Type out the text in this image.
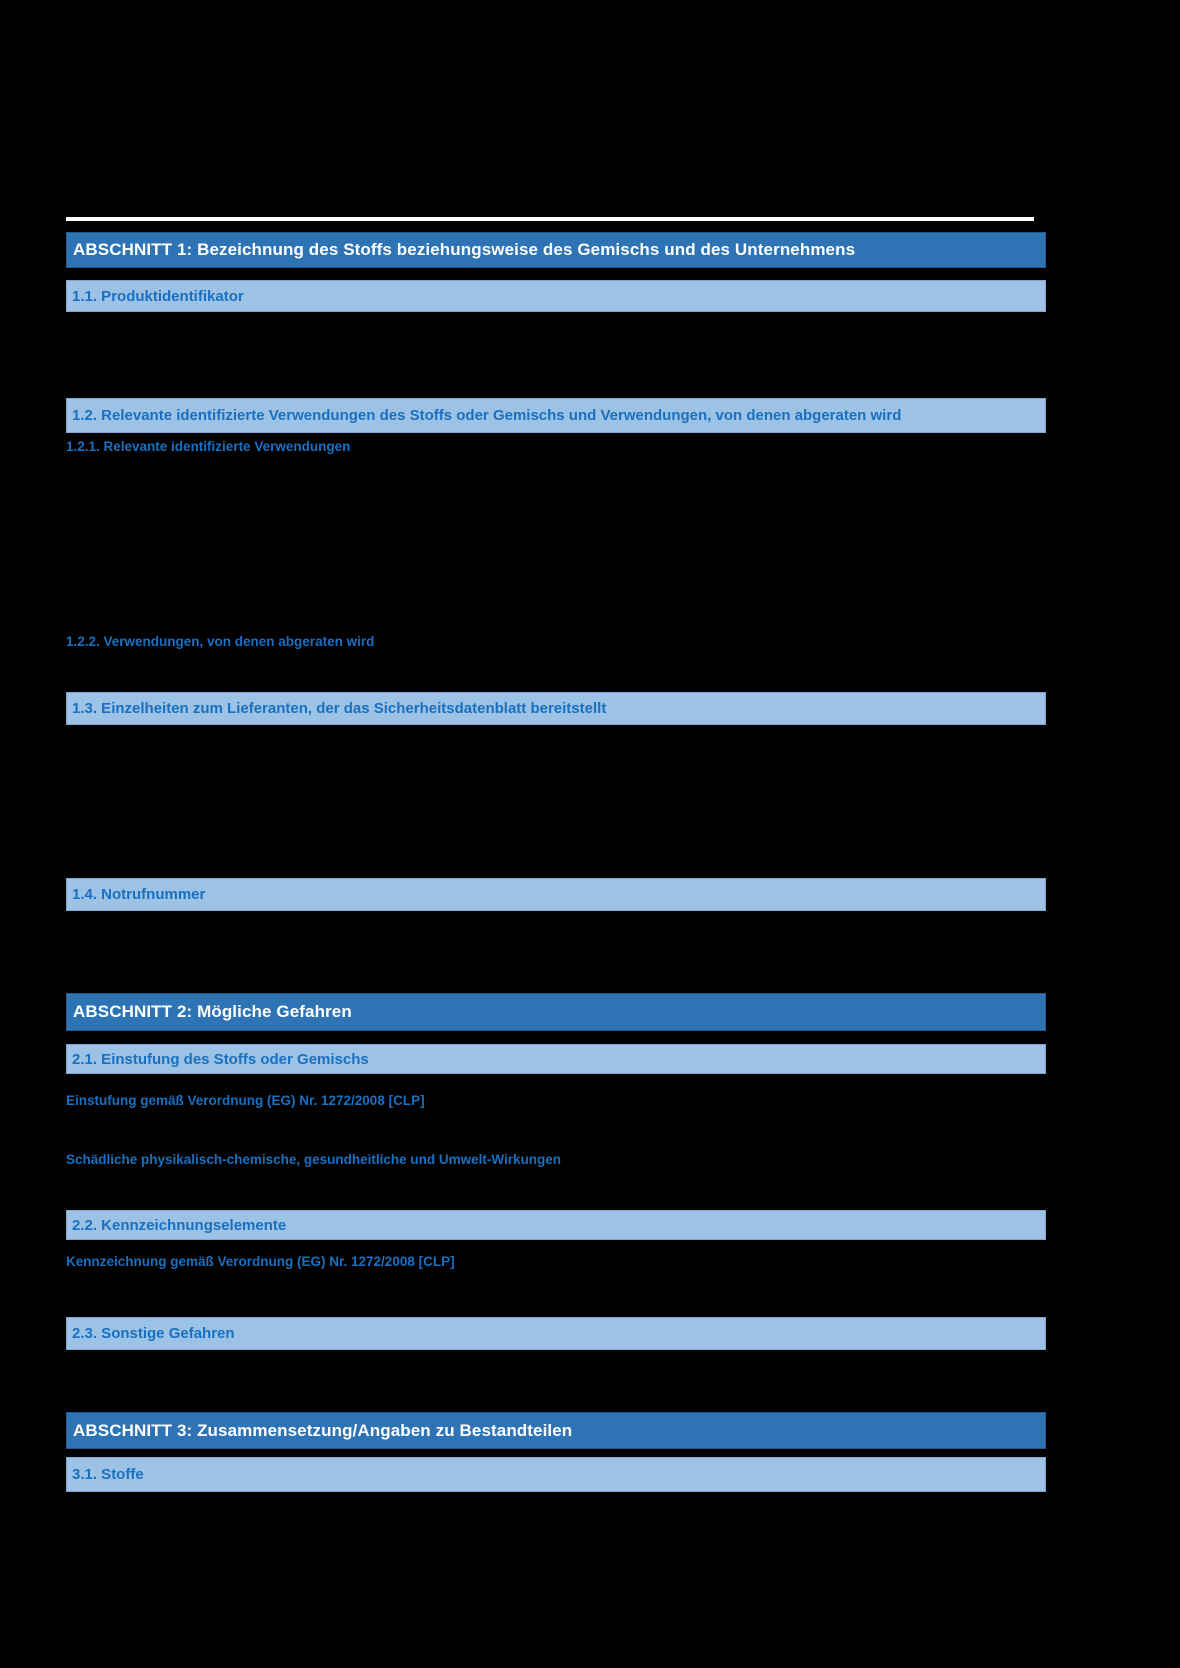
ABSCHNITT 1: Bezeichnung des Stoffs beziehungsweise des Gemischs und des Unternehmens
1.1. Produktidentifikator
1.2. Relevante identifizierte Verwendungen des Stoffs oder Gemischs und Verwendungen, von denen abgeraten wird
1.2.1. Relevante identifizierte Verwendungen
1.2.2. Verwendungen, von denen abgeraten wird
1.3. Einzelheiten zum Lieferanten, der das Sicherheitsdatenblatt bereitstellt
1.4. Notrufnummer
ABSCHNITT 2: Mögliche Gefahren
2.1. Einstufung des Stoffs oder Gemischs
Einstufung gemäß Verordnung (EG) Nr. 1272/2008 [CLP]
Schädliche physikalisch-chemische, gesundheitliche und Umwelt-Wirkungen
2.2. Kennzeichnungselemente
Kennzeichnung gemäß Verordnung (EG) Nr. 1272/2008 [CLP]
2.3. Sonstige Gefahren
ABSCHNITT 3: Zusammensetzung/Angaben zu Bestandteilen
3.1. Stoffe
